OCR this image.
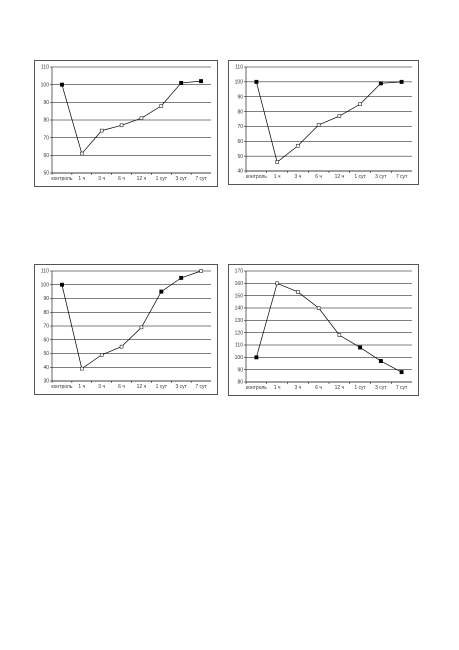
50
60
70
80
90
100
110
контроль 1 ч	3 ч	6 ч 12 ч 1 сут 3 сут 7 сут
40
50
60
70
80
90
100
110
контроль 1 ч	3 ч	6 ч	12 ч 1 сут 3 сут 7 сут
30
40
50
60
70
80
90
100
110
контроль 1 ч	3 ч	6 ч 12 ч 1 сут 3 сут 7 сут
80
90
100
110
120
130
140
150
160
170
контроль 1 ч	3 ч	6 ч	12 ч 1 сут 3 сут 7 сут
